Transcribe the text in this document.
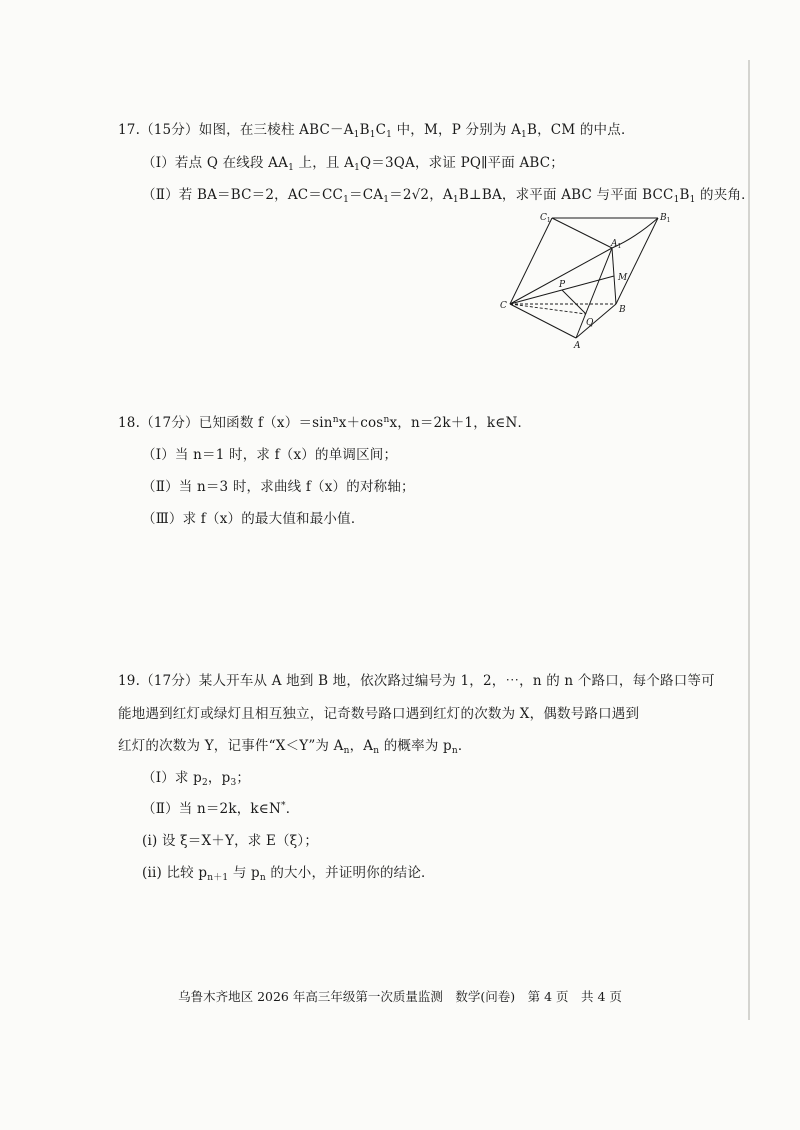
17.（15分）如图，在三棱柱 $ABC-A_1B_1C_1$ 中，M，P 分别为 $A_1B$，CM 的中点．
（Ⅰ）若点 Q 在线段 $AA_1$ 上，且 $A_1Q=3QA$，求证 PQ∥平面 ABC；
（Ⅱ）若 BA＝BC＝2，$AC=CC_1=CA_1=2√2$，$A_1B\perp BA$，求平面 ABC 与平面 $BCC_1B_1$ 的夹角．
$C_1$	$B_1$
$A_1$
M
P
C	B
Q
A
18.（17分）已知函数 $f(x)=\sin^nx+\cos^nx$，n＝2k＋1，k∈N．
（Ⅰ）当 n＝1 时，求 f（x）的单调区间；
（Ⅱ）当 n＝3 时，求曲线 f（x）的对称轴；
（Ⅲ）求 f（x）的最大值和最小值．
19.（17分）某人开车从 A 地到 B 地，依次路过编号为 1，2，⋯，n 的 n 个路口，每个路口等可
能地遇到红灯或绿灯且相互独立，记奇数号路口遇到红灯的次数为 X，偶数号路口遇到
红灯的次数为 Y，记事件“X＜Y”为 $A_n$，$A_n$ 的概率为 $p_n$．
（Ⅰ）求 $p_2$，$p_3$；
（Ⅱ）当 n＝2k，k∈N*．
(i) 设 ξ＝X＋Y，求 E（ξ）；
(ii) 比较 $p_{n+1}$ 与 $p_n$ 的大小，并证明你的结论．
乌鲁木齐地区 2026 年高三年级第一次质量监测　数学(问卷)　第 4 页　共 4 页
